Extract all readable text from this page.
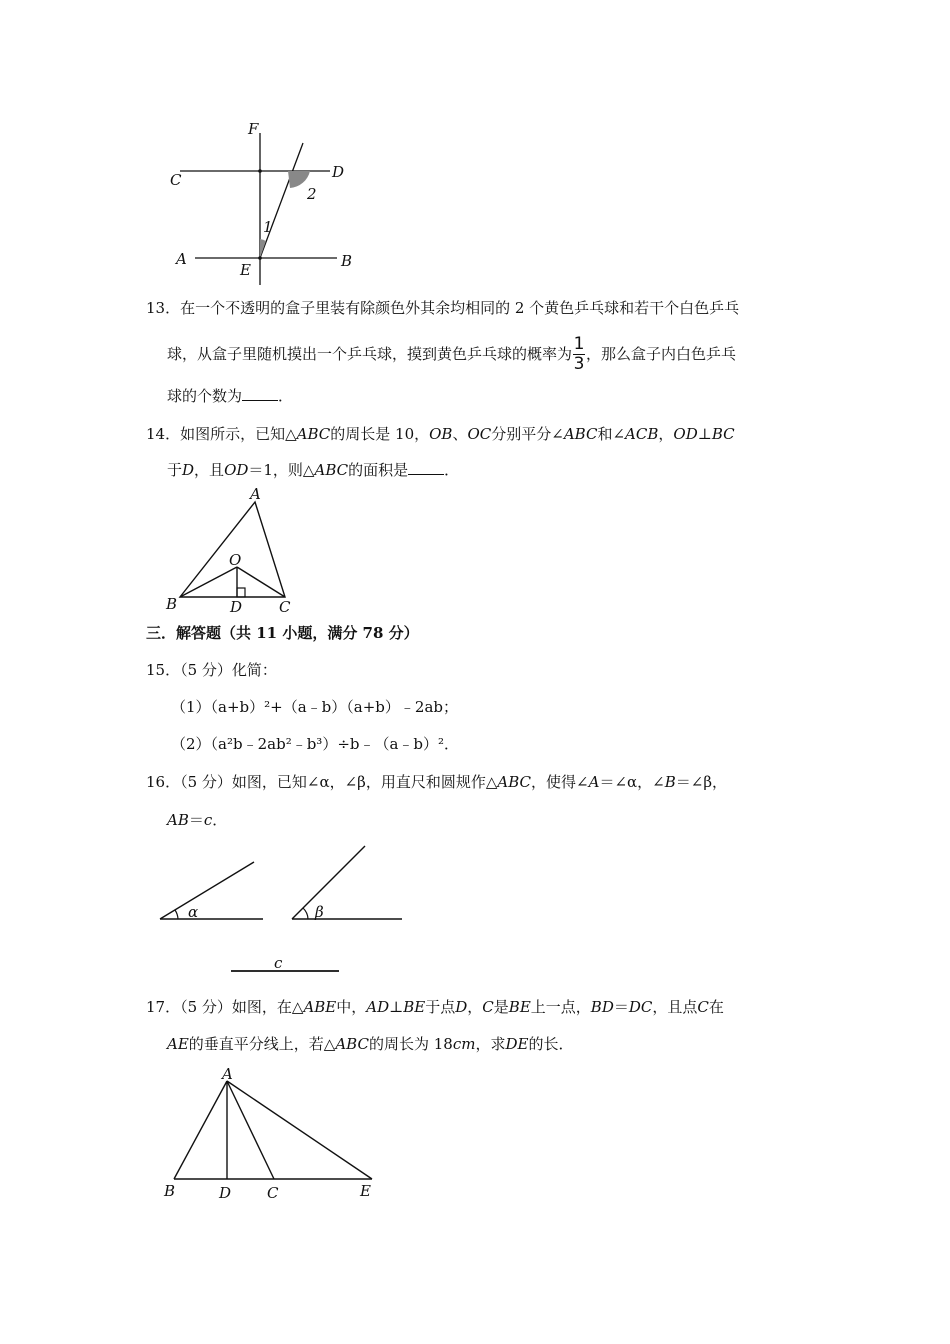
F
C	D
A
E	B
1
2
13．在一个不透明的盒子里装有除颜色外其余均相同的 2 个黄色乒乓球和若干个白色乒乓
球，从盒子里随机摸出一个乒乓球，摸到黄色乒乓球的概率为 $\frac{1}{3}$ ，那么盒子内白色乒乓
球的个数为 ．
14．如图所示，已知△ABC的周长是 10，OB、OC分别平分∠ABC和∠ACB，OD⊥BC
于D，且OD＝1，则△ABC的面积是 ．
A
O
B	D C
三．解答题（共 11 小题，满分 78 分）
15．（5 分）化简：
（1）（a+b）²+（a﹣b）（a+b）﹣2ab；
（2）（a²b﹣2ab²﹣b³）÷b﹣（a﹣b）²．
16．（5 分）如图，已知∠α，∠β，用直尺和圆规作△ABC，使得∠A＝∠α，∠B＝∠β，
AB＝c．
α	β
c
17．（5 分）如图，在△ABE中，AD⊥BE于点D，C是BE上一点，BD＝DC，且点C在
AE的垂直平分线上，若△ABC的周长为 18cm，求DE的长．
A
B	D C	E
